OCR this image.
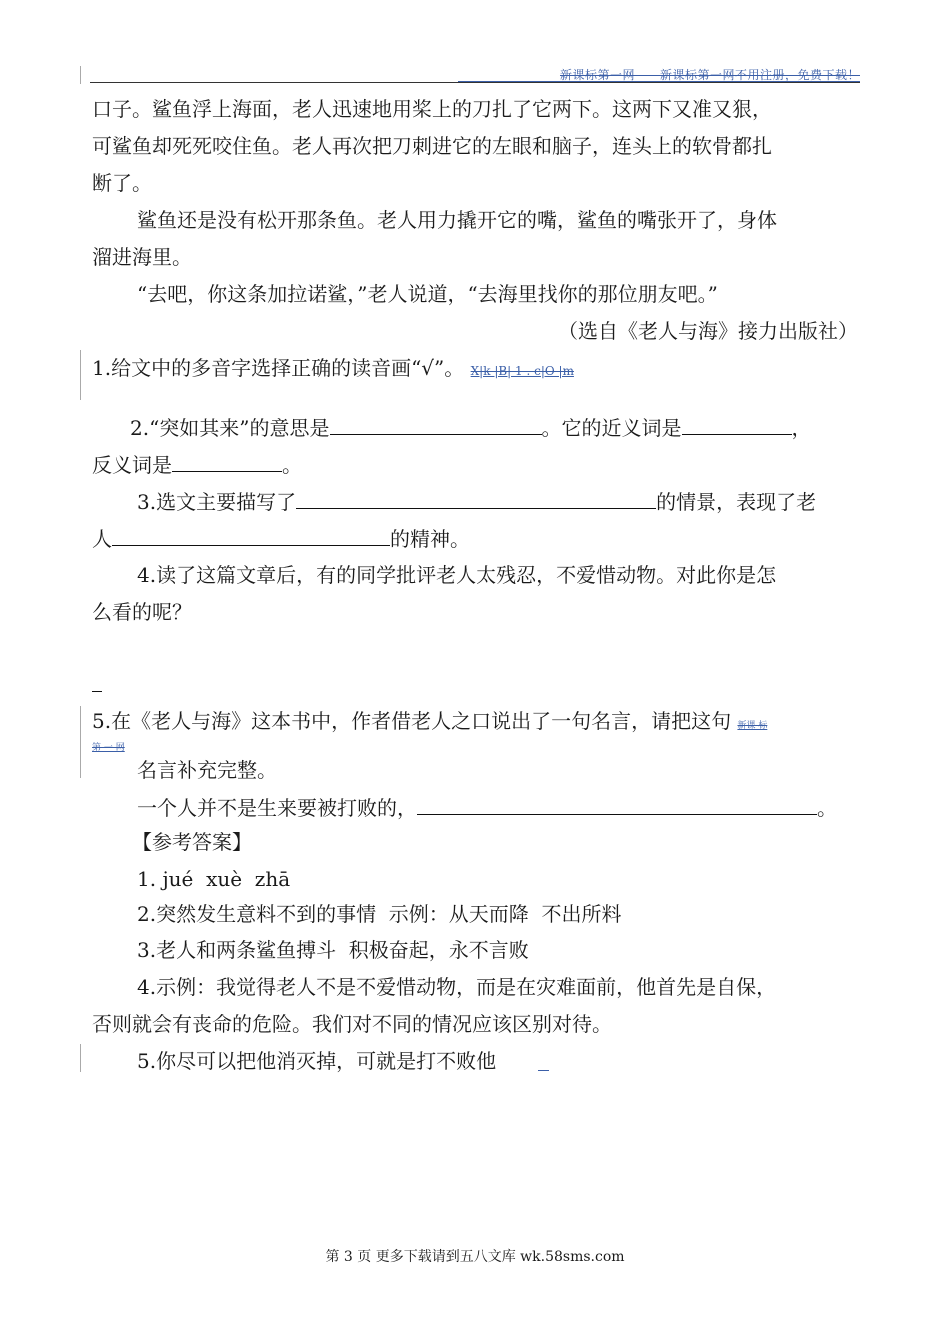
新课标第一网——新课标第一网不用注册，免费下载！
口子。鲨鱼浮上海面，老人迅速地用桨上的刀扎了它两下。这两下又准又狠，
可鲨鱼却死死咬住鱼。老人再次把刀刺进它的左眼和脑子，连头上的软骨都扎
断了。
鲨鱼还是没有松开那条鱼。老人用力撬开它的嘴，鲨鱼的嘴张开了，身体
溜进海里。
“去吧，你这条加拉诺鲨，”老人说道，“去海里找你的那位朋友吧。”
（选自《老人与海》接力出版社）
1.给文中的多音字选择正确的读音画“√”。 X|k |B| 1 . c|O |m
2.“突如其来”的意思是	。它的近义词是	，
反义词是	。
3.选文主要描写了	的情景，表现了老
人	的精神。
4.读了这篇文章后，有的同学批评老人太残忍，不爱惜动物。对此你是怎
么看的呢？
5.在《老人与海》这本书中，作者借老人之口说出了一句名言，请把这句 新课 标
第 一 网
名言补充完整。
一个人并不是生来要被打败的，	。
【参考答案】
1. jué  xuè  zhā
2.突然发生意料不到的事情  示例：从天而降  不出所料
3.老人和两条鲨鱼搏斗  积极奋起，永不言败
4.示例：我觉得老人不是不爱惜动物，而是在灾难面前，他首先是自保，
否则就会有丧命的危险。我们对不同的情况应该区别对待。
5.你尽可以把他消灭掉，可就是打不败他
第 3 页 更多下载请到五八文库 wk.58sms.com
